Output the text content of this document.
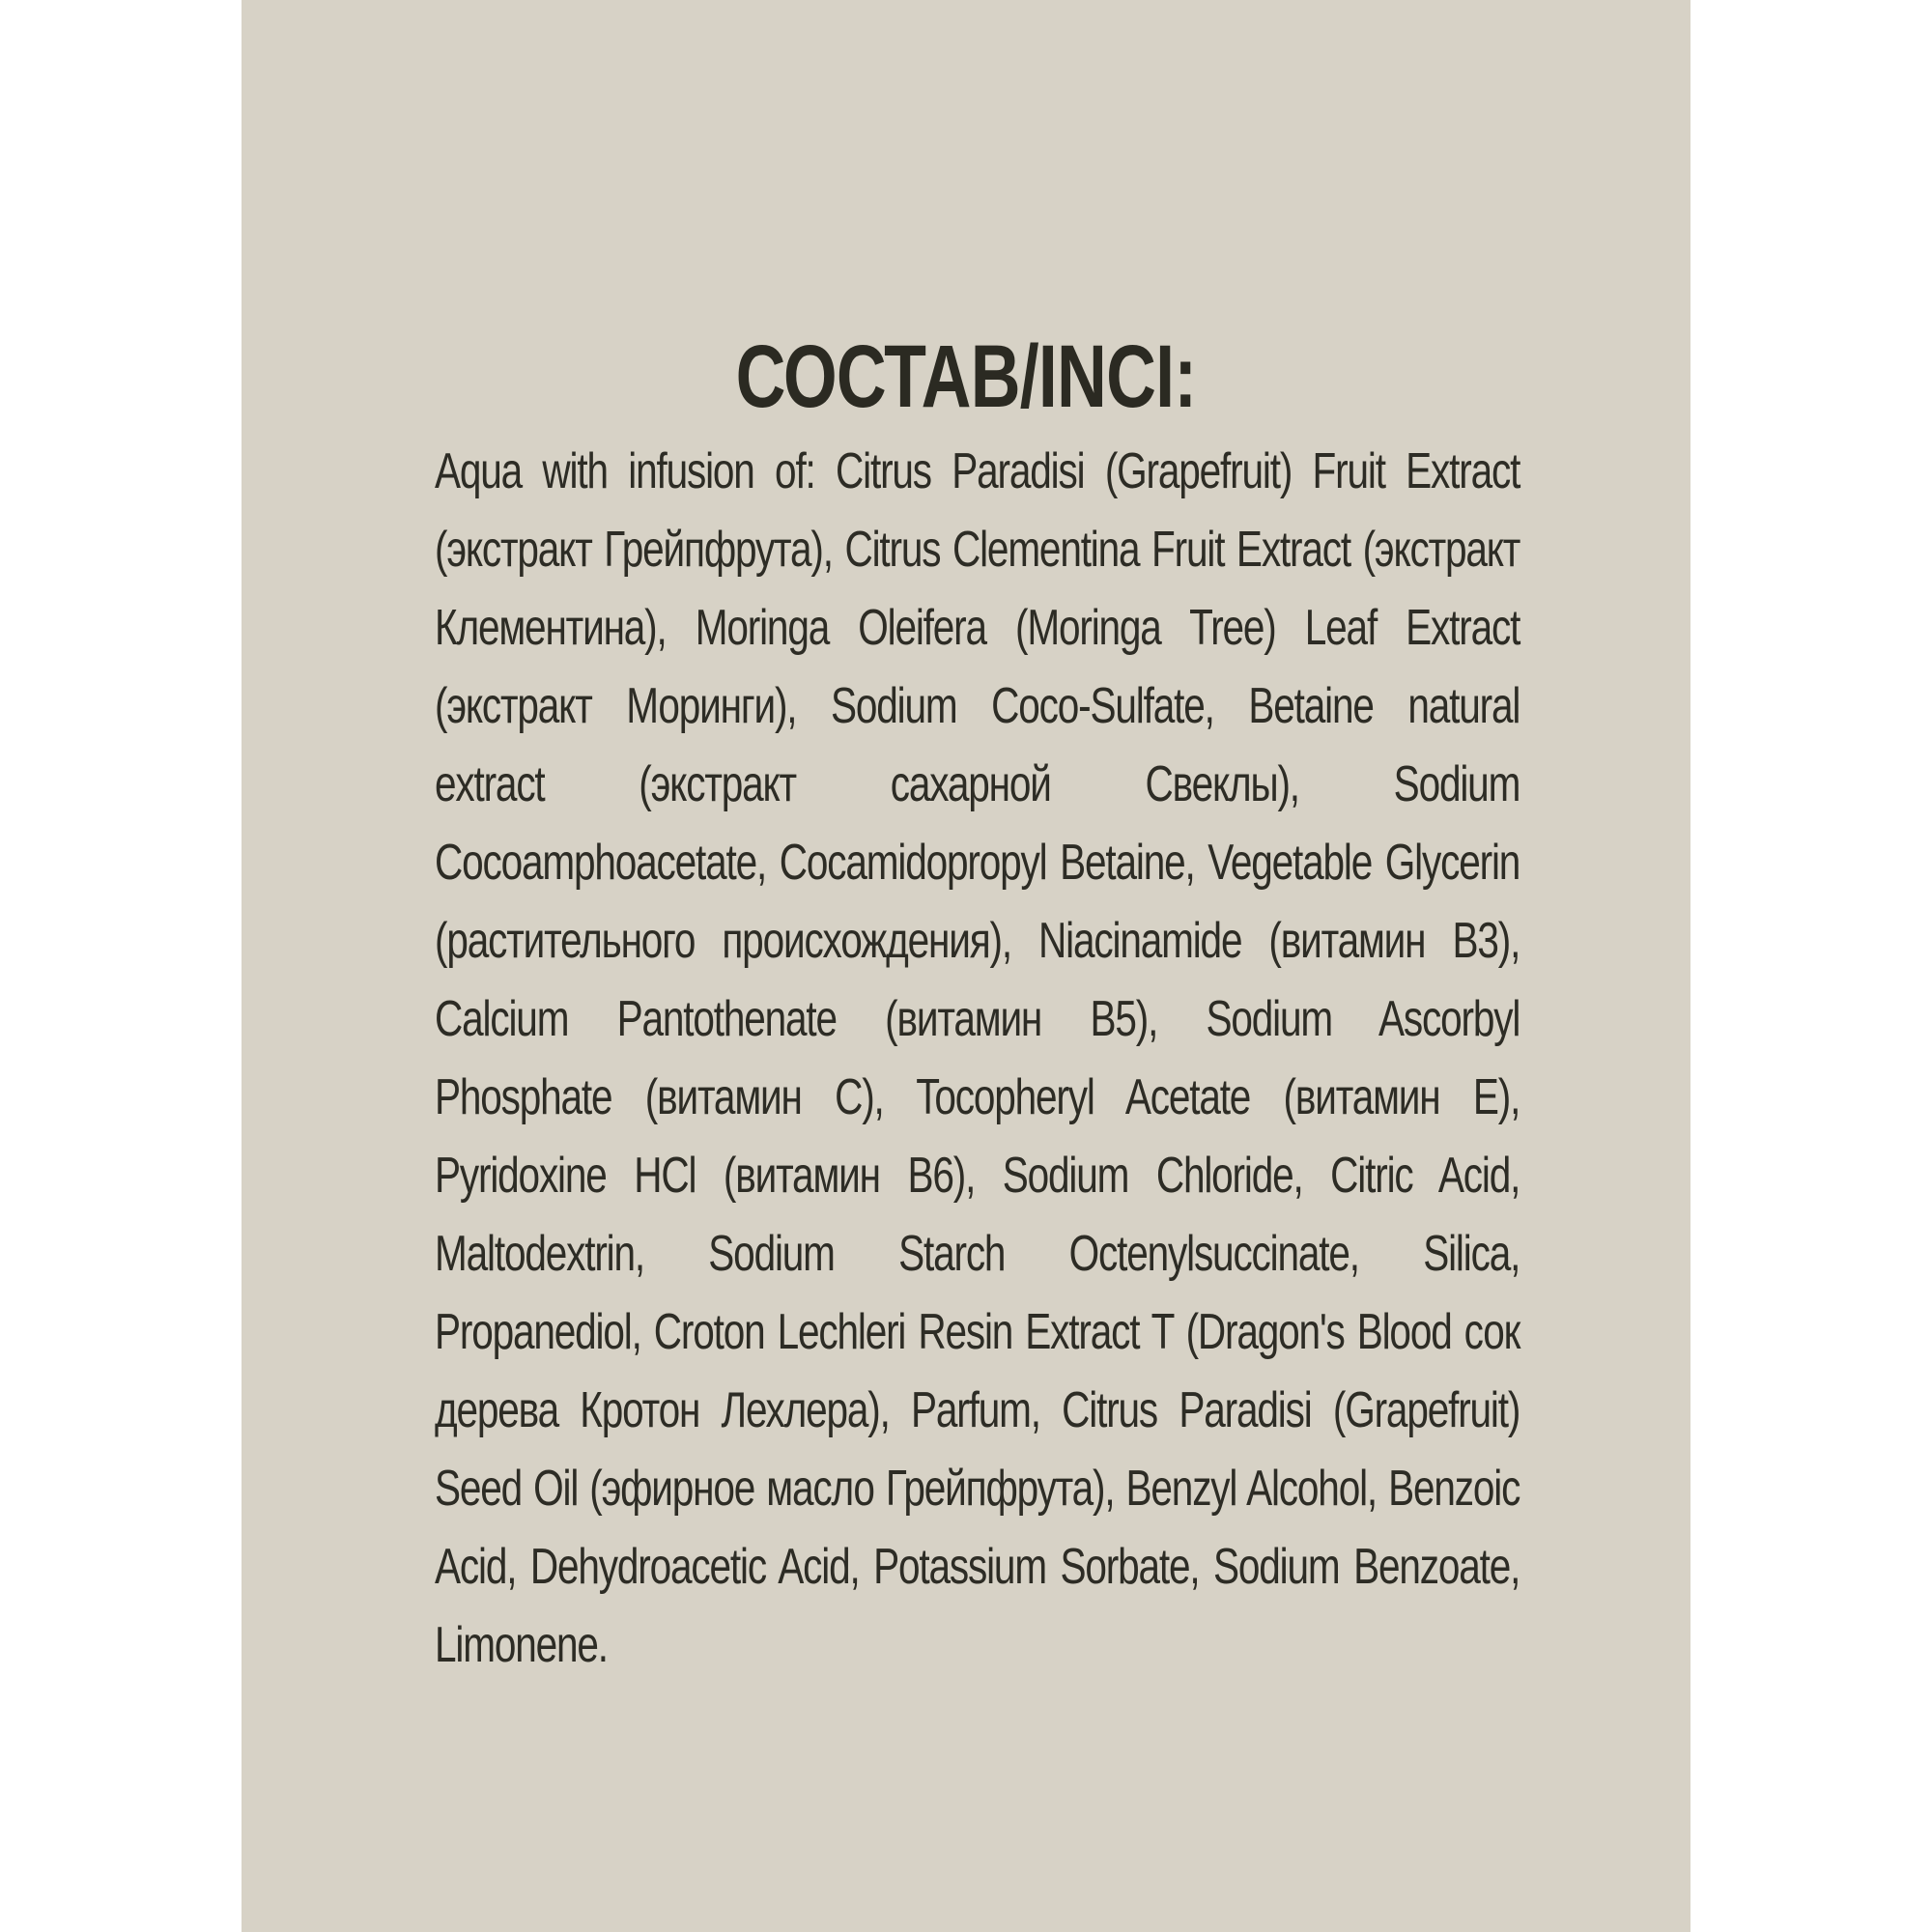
СОСТАВ/INCI:
Aqua with infusion of: Citrus Paradisi (Grapefruit) Fruit Extract (экстракт Грейпфрута), Citrus Clementina Fruit Extract (экстракт Клементина), Moringa Oleifera (Moringa Tree) Leaf Extract (экстракт Моринги), Sodium Coco-Sulfate, Betaine natural extract (экстракт сахарной Свеклы), Sodium Cocoamphoacetate, Cocamidopropyl Betaine, Vegetable Glycerin (растительного происхождения), Niacinamide (витамин B3), Calcium Pantothenate (витамин B5), Sodium Ascorbyl Phosphate (витамин C), Tocopheryl Acetate (витамин E), Pyridoxine HCl (витамин B6), Sodium Chloride, Citric Acid, Maltodextrin, Sodium Starch Octenylsuccinate, Silica, Propanediol, Croton Lechleri Resin Extract T (Dragon's Blood сок дерева Кротон Лехлера), Parfum, Citrus Paradisi (Grapefruit) Seed Oil (эфирное масло Грейпфрута), Benzyl Alcohol, Benzoic Acid, Dehydroacetic Acid, Potassium Sorbate, Sodium Benzoate, Limonene.
